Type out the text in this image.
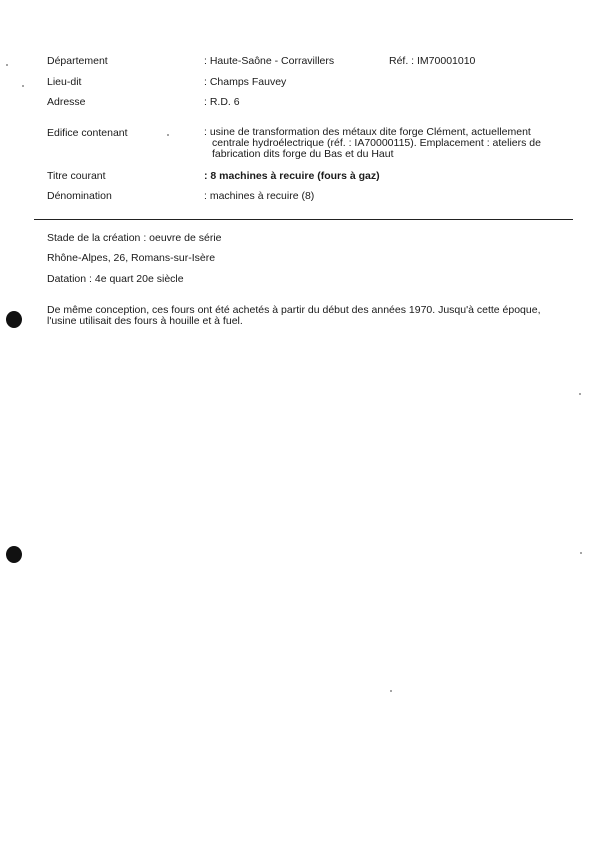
Département	: Haute-Saône - Corravillers	Réf. : IM70001010
Lieu-dit	: Champs Fauvey
Adresse	: R.D. 6
Edifice contenant	: usine de transformation des métaux dite forge Clément, actuellement
centrale hydroélectrique (réf. : IA70000115). Emplacement : ateliers de
fabrication dits forge du Bas et du Haut
Titre courant	: 8 machines à recuire (fours à gaz)
Dénomination	: machines à recuire (8)
Stade de la création : oeuvre de série
Rhône-Alpes, 26, Romans-sur-Isère
Datation : 4e quart 20e siècle
De même conception, ces fours ont été achetés à partir du début des années 1970. Jusqu'à cette époque,
l'usine utilisait des fours à houille et à fuel.
